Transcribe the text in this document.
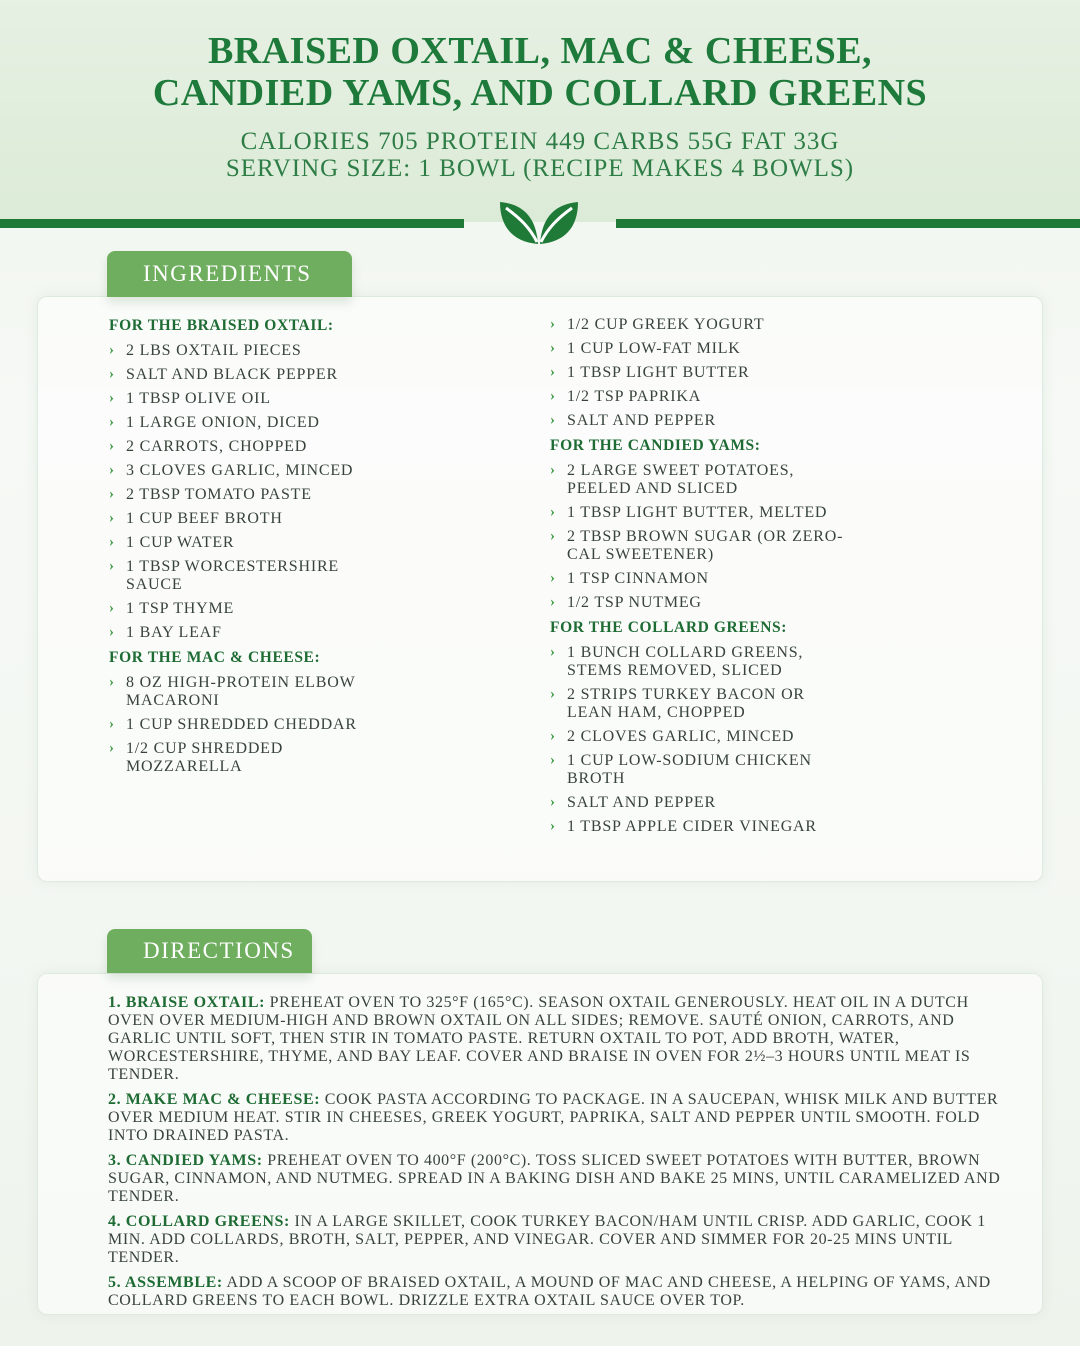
BRAISED OXTAIL, MAC & CHEESE,
CANDIED YAMS, AND COLLARD GREENS
CALORIES 705 PROTEIN 449 CARBS 55G FAT 33G
SERVING SIZE: 1 BOWL (RECIPE MAKES 4 BOWLS)
INGREDIENTS
FOR THE BRAISED OXTAIL:
› 2 LBS OXTAIL PIECES
› SALT AND BLACK PEPPER
› 1 TBSP OLIVE OIL
› 1 LARGE ONION, DICED
› 2 CARROTS, CHOPPED
› 3 CLOVES GARLIC, MINCED
› 2 TBSP TOMATO PASTE
› 1 CUP BEEF BROTH
› 1 CUP WATER
› 1 TBSP WORCESTERSHIRE SAUCE
› 1 TSP THYME
› 1 BAY LEAF
FOR THE MAC & CHEESE:
› 8 OZ HIGH-PROTEIN ELBOW MACARONI
› 1 CUP SHREDDED CHEDDAR
› 1/2 CUP SHREDDED MOZZARELLA
› 1/2 CUP GREEK YOGURT
› 1 CUP LOW-FAT MILK
› 1 TBSP LIGHT BUTTER
› 1/2 TSP PAPRIKA
› SALT AND PEPPER
FOR THE CANDIED YAMS:
› 2 LARGE SWEET POTATOES, PEELED AND SLICED
› 1 TBSP LIGHT BUTTER, MELTED
› 2 TBSP BROWN SUGAR (OR ZERO-CAL SWEETENER)
› 1 TSP CINNAMON
› 1/2 TSP NUTMEG
FOR THE COLLARD GREENS:
› 1 BUNCH COLLARD GREENS, STEMS REMOVED, SLICED
› 2 STRIPS TURKEY BACON OR LEAN HAM, CHOPPED
› 2 CLOVES GARLIC, MINCED
› 1 CUP LOW-SODIUM CHICKEN BROTH
› SALT AND PEPPER
› 1 TBSP APPLE CIDER VINEGAR
DIRECTIONS
1. BRAISE OXTAIL: PREHEAT OVEN TO 325°F (165°C). SEASON OXTAIL GENEROUSLY. HEAT OIL IN A DUTCH OVEN OVER MEDIUM-HIGH AND BROWN OXTAIL ON ALL SIDES; REMOVE. SAUTÉ ONION, CARROTS, AND GARLIC UNTIL SOFT, THEN STIR IN TOMATO PASTE. RETURN OXTAIL TO POT, ADD BROTH, WATER, WORCESTERSHIRE, THYME, AND BAY LEAF. COVER AND BRAISE IN OVEN FOR 2½–3 HOURS UNTIL MEAT IS TENDER.
2. MAKE MAC & CHEESE: COOK PASTA ACCORDING TO PACKAGE. IN A SAUCEPAN, WHISK MILK AND BUTTER OVER MEDIUM HEAT. STIR IN CHEESES, GREEK YOGURT, PAPRIKA, SALT AND PEPPER UNTIL SMOOTH. FOLD INTO DRAINED PASTA.
3. CANDIED YAMS: PREHEAT OVEN TO 400°F (200°C). TOSS SLICED SWEET POTATOES WITH BUTTER, BROWN SUGAR, CINNAMON, AND NUTMEG. SPREAD IN A BAKING DISH AND BAKE 25 MINS, UNTIL CARAMELIZED AND TENDER.
4. COLLARD GREENS: IN A LARGE SKILLET, COOK TURKEY BACON/HAM UNTIL CRISP. ADD GARLIC, COOK 1 MIN. ADD COLLARDS, BROTH, SALT, PEPPER, AND VINEGAR. COVER AND SIMMER FOR 20-25 MINS UNTIL TENDER.
5. ASSEMBLE: ADD A SCOOP OF BRAISED OXTAIL, A MOUND OF MAC AND CHEESE, A HELPING OF YAMS, AND COLLARD GREENS TO EACH BOWL. DRIZZLE EXTRA OXTAIL SAUCE OVER TOP.
